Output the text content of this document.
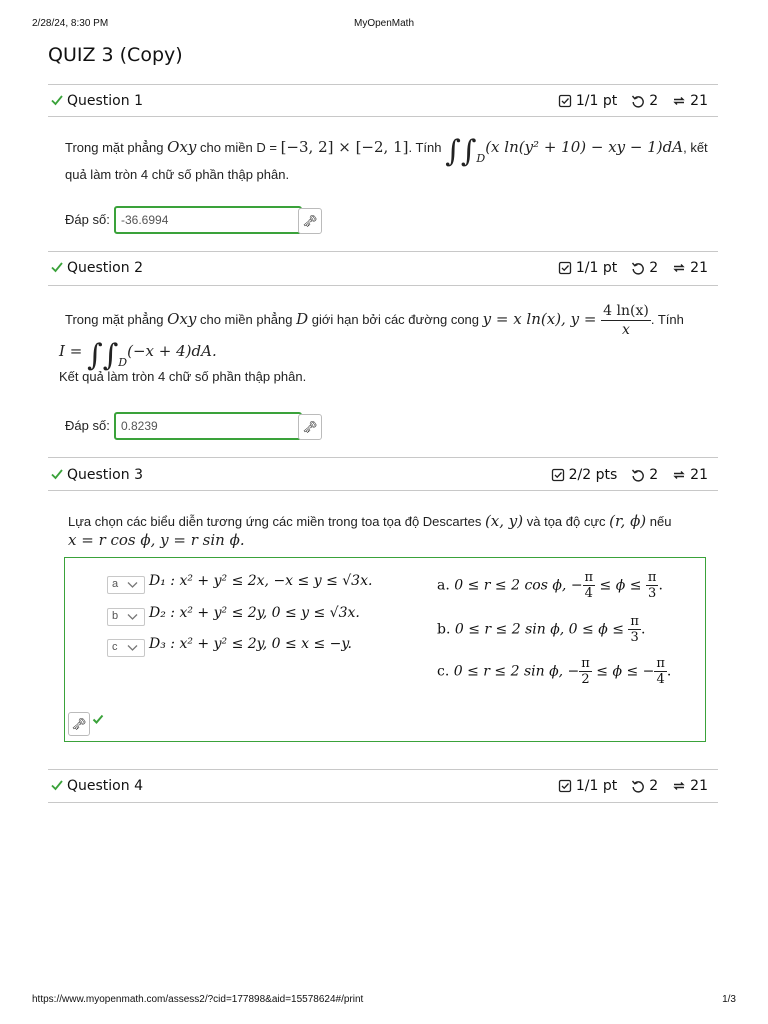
2/28/24, 8:30 PM	MyOpenMath
QUIZ 3 (Copy)
Question 1	1/1 pt 2 21
Trong mặt phẳng Oxy cho miền D = [−3, 2] × [−2, 1]. Tính $\int\int_D(x$ ln(y² + 10) − xy − 1)dA, kết
quả làm tròn 4 chữ số phần thập phân.
Đáp số: -36.6994	🗝
Question 2	1/1 pt 2 21
Trong mặt phẳng Oxy cho miền phẳng D giới hạn bởi các đường cong y = x ln(x), $y = \frac{4 \ln(x)}{x}$ . Tính
$I = \int\int_D(-x + 4)dA$.
Kết quả làm tròn 4 chữ số phần thập phân.
Đáp số: 0.8239	🗝
Question 3	2/2 pts 2 21
Lựa chọn các biểu diễn tương ứng các miền trong toa tọa độ Descartes (x, y) và tọa độ cực (r, ϕ) nếu
x = r cos ϕ, y = r sin ϕ.
a D₁ : x² + y² ≤ 2x, −x ≤ y ≤ √3x.
b D₂ : x² + y² ≤ 2y, 0 ≤ y ≤ √3x.
c D₃ : x² + y² ≤ 2y, 0 ≤ x ≤ −y.
a. 0 ≤ r ≤ 2 cos ϕ, − $\frac{\pi}{4} \le \phi \le \frac{\pi}{3}$ .
b. 0 ≤ r ≤ 2 sin ϕ, $0 \le \phi \le \frac{\pi}{3}$ .
c. 0 ≤ r ≤ 2 sin ϕ, − $\frac{\pi}{2} \le \phi$ ≤ − $\frac{\pi}{4}$ .
🗝
Question 4	1/1 pt 2 21
https://www.myopenmath.com/assess2/?cid=177898&aid=15578624#/print	1/3
